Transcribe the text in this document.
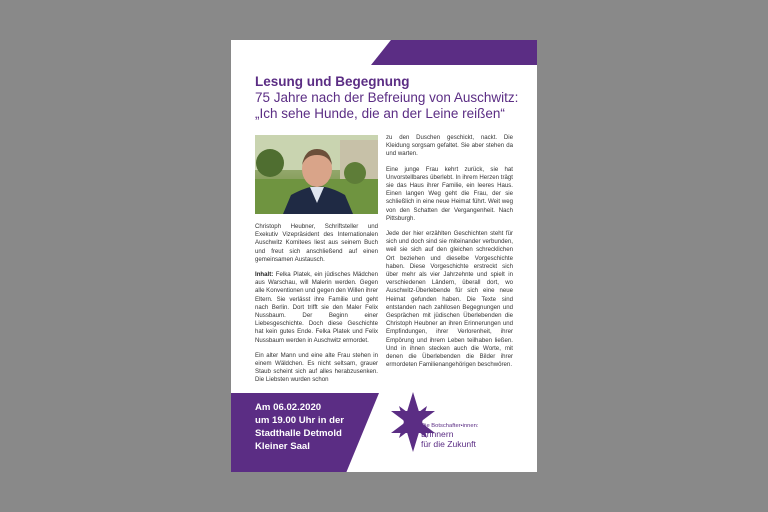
Lesung und Begegnung
75 Jahre nach der Befreiung von Auschwitz:
„Ich sehe Hunde, die an der Leine reißen“

Christoph Heubner, Schriftsteller und Exekutiv Vizepräsident des Internationalen Auschwitz Komitees liest aus seinem Buch und freut sich anschließend auf einen gemeinsamen Austausch.

Inhalt: Felka Platek, ein jüdisches Mädchen aus Warschau, will Malerin werden. Gegen alle Konventionen und gegen den Willen ihrer Eltern. Sie verlässt ihre Familie und geht nach Berlin. Dort trifft sie den Maler Felix Nussbaum. Der Beginn einer Liebesgeschichte. Doch diese Geschichte hat kein gutes Ende. Felka Platek und Felix Nussbaum werden in Auschwitz ermordet.

Ein alter Mann und eine alte Frau stehen in einem Wäldchen. Es nicht seltsam, grauer Staub scheint sich auf alles herabzusenken. Die Liebsten wurden schon

zu den Duschen geschickt, nackt. Die Kleidung sorgsam gefaltet. Sie aber stehen da und warten.

Eine junge Frau kehrt zurück, sie hat Unvorstellbares überlebt. In ihrem Herzen trägt sie das Haus ihrer Familie, ein leeres Haus. Einen langen Weg geht die Frau, der sie schließlich in eine neue Heimat führt. Weit weg von den Schatten der Vergangenheit. Nach Pittsburgh.

Jede der hier erzählten Geschichten steht für sich und doch sind sie miteinander verbunden, weil sie sich auf den gleichen schrecklichen Ort beziehen und dieselbe Vorgeschichte haben. Diese Vorgeschichte erstreckt sich über mehr als vier Jahrzehnte und spielt in verschiedenen Ländern, überall dort, wo Auschwitz-Überlebende für sich eine neue Heimat gefunden haben. Die Texte sind entstanden nach zahllosen Begegnungen und Gesprächen mit jüdischen Überlebenden die Christoph Heubner an ihren Erinnerungen und Empfindungen, ihrer Verlorenheit, ihrer Empörung und ihrem Leben teilhaben ließen. Und in ihnen stecken auch die Worte, mit denen die Überlebenden die Bilder ihrer ermordeten Familienangehörigen beschwören.

Am 06.02.2020
um 19.00 Uhr in der
Stadthalle Detmold
Kleiner Saal
Die Botschafter•innen:
Erinnern
für die Zukunft
